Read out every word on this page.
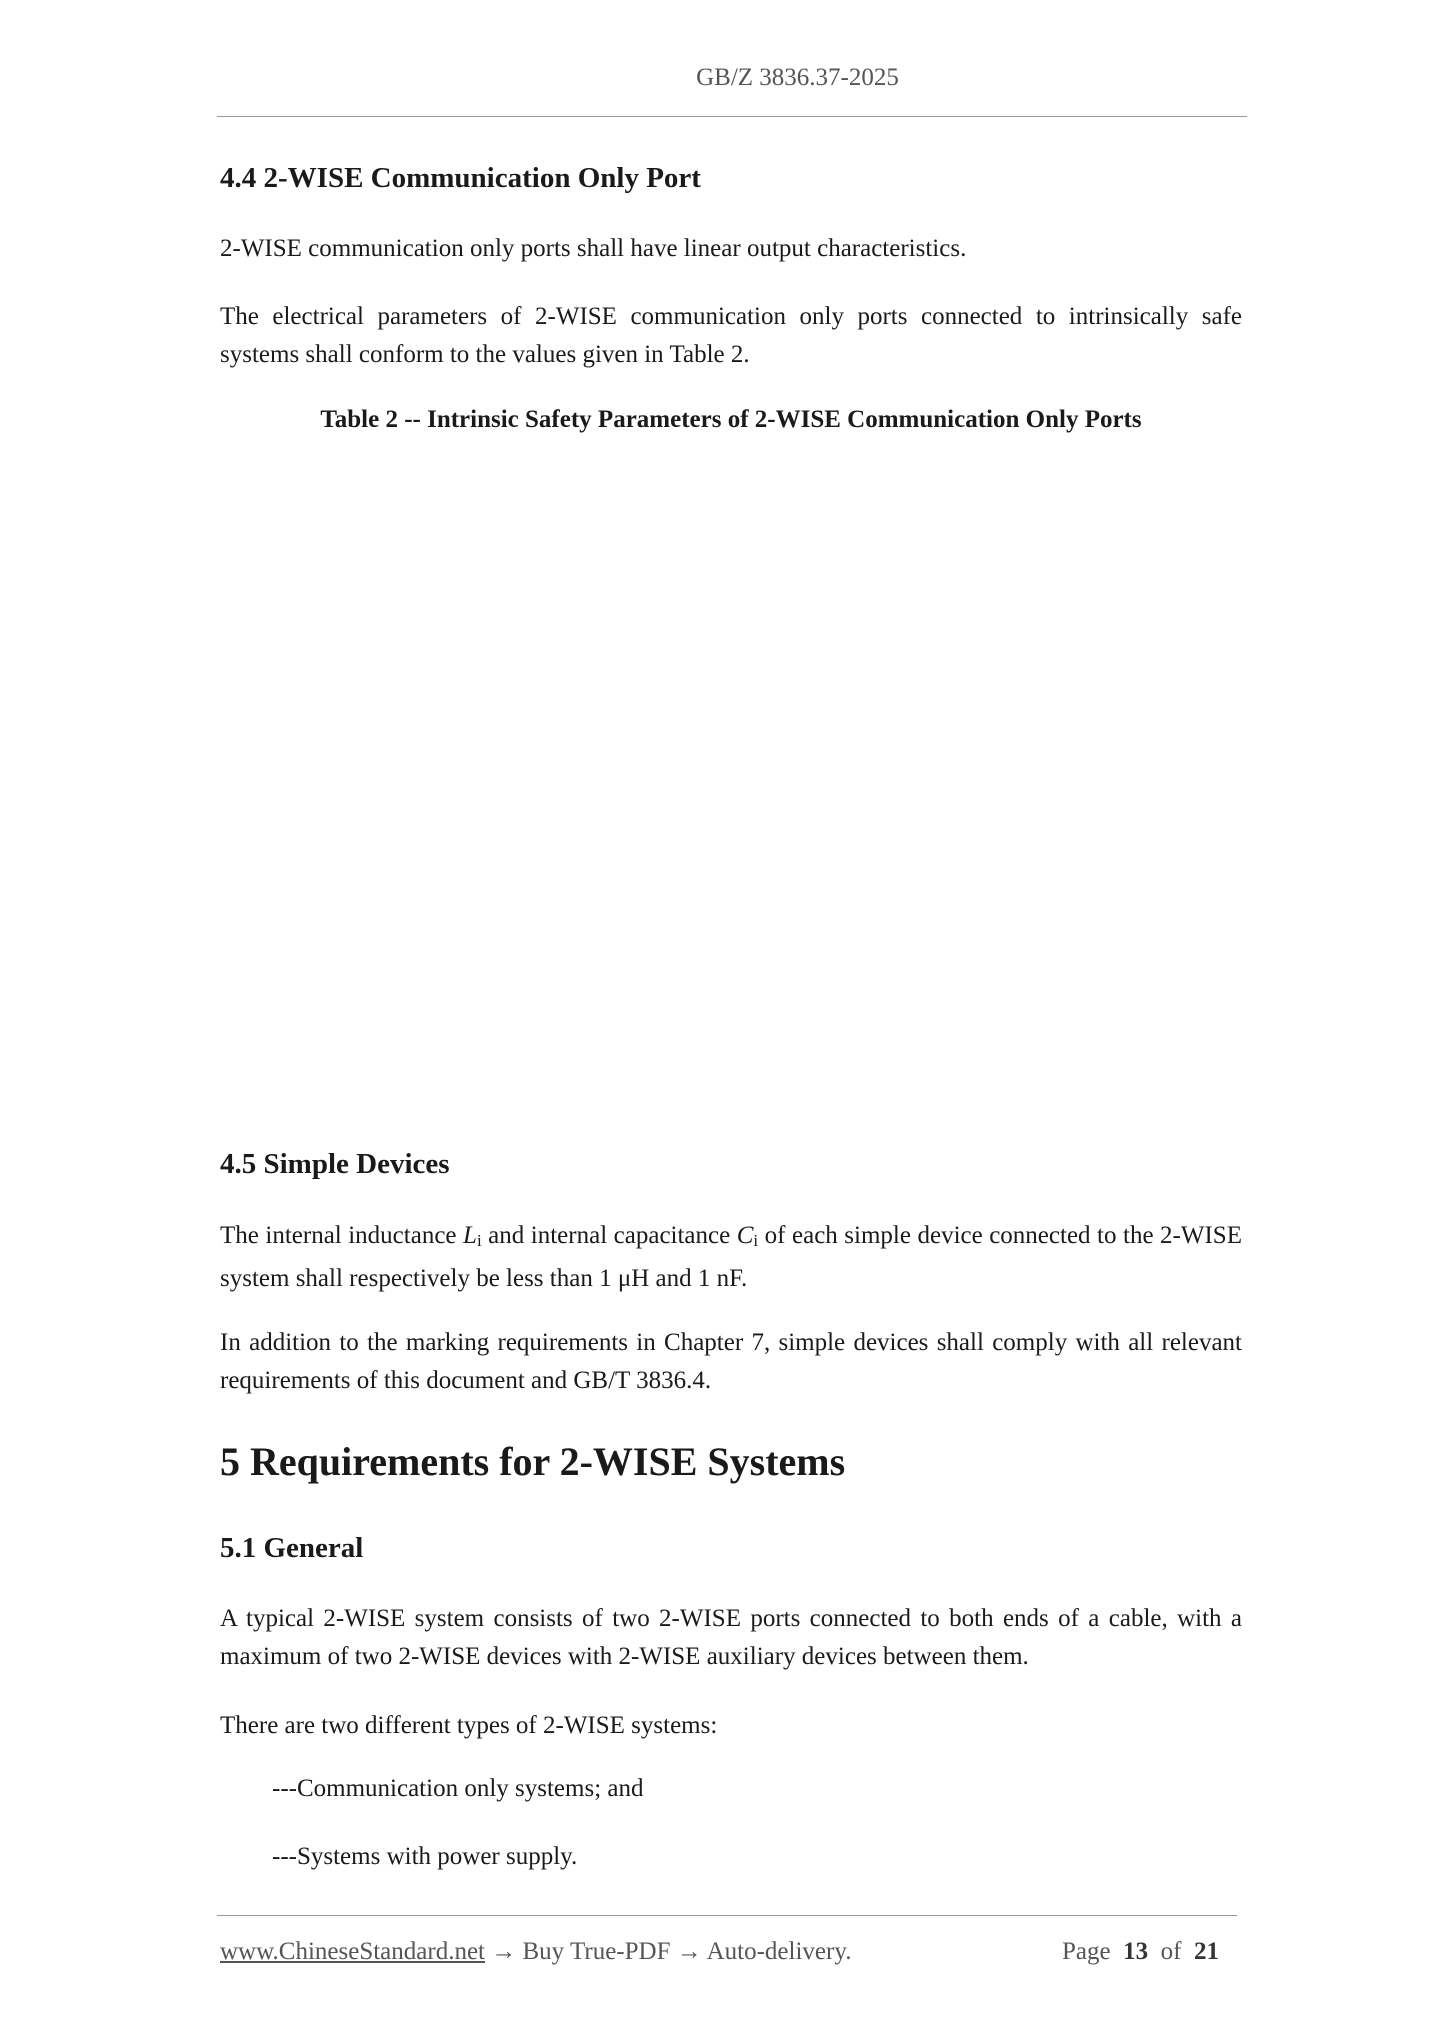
GB/Z 3836.37-2025
4.4 2-WISE Communication Only Port

2-WISE communication only ports shall have linear output characteristics.

The electrical parameters of 2-WISE communication only ports connected to intrinsically safe systems shall conform to the values given in Table 2.

Table 2 -- Intrinsic Safety Parameters of 2-WISE Communication Only Ports

4.5 Simple Devices

The internal inductance Li and internal capacitance Ci of each simple device connected to the 2-WISE system shall respectively be less than 1 μH and 1 nF.

In addition to the marking requirements in Chapter 7, simple devices shall comply with all relevant requirements of this document and GB/T 3836.4.

5 Requirements for 2-WISE Systems
5.1 General

A typical 2-WISE system consists of two 2-WISE ports connected to both ends of a cable, with a maximum of two 2-WISE devices with 2-WISE auxiliary devices between them.

There are two different types of 2-WISE systems:

---Communication only systems; and

---Systems with power supply.

www.ChineseStandard.net → Buy True-PDF → Auto-delivery.	Page 13 of 21
